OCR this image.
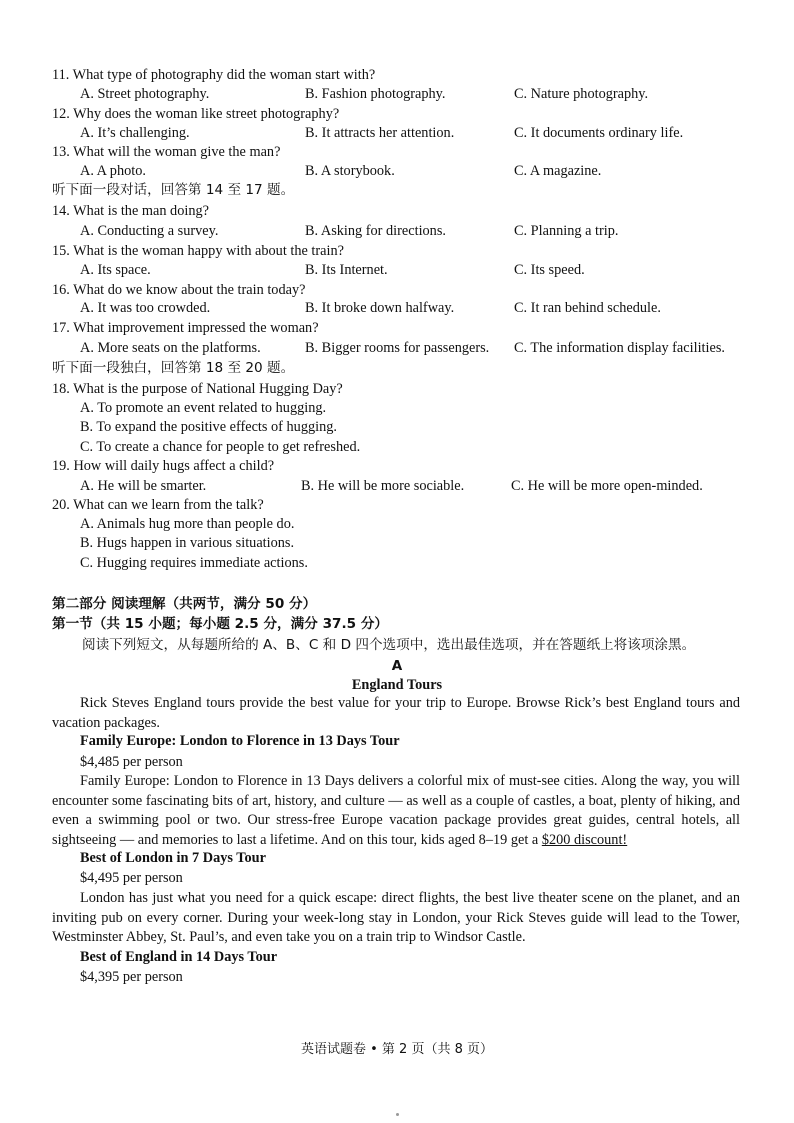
11. What type of photography did the woman start with?
A. Street photography.	B. Fashion photography.	C. Nature photography.
12. Why does the woman like street photography?
A. It’s challenging.	B. It attracts her attention.	C. It documents ordinary life.
13. What will the woman give the man?
A. A photo.	B. A storybook.	C. A magazine.
听下面一段对话，回答第 14 至 17 题。
14. What is the man doing?
A. Conducting a survey.	B. Asking for directions.	C. Planning a trip.
15. What is the woman happy with about the train?
A. Its space.	B. Its Internet.	C. Its speed.
16. What do we know about the train today?
A. It was too crowded.	B. It broke down halfway.	C. It ran behind schedule.
17. What improvement impressed the woman?
A. More seats on the platforms.	B. Bigger rooms for passengers. C. The information display facilities.
听下面一段独白，回答第 18 至 20 题。
18. What is the purpose of National Hugging Day?
A. To promote an event related to hugging.
B. To expand the positive effects of hugging.
C. To create a chance for people to get refreshed.
19. How will daily hugs affect a child?
A. He will be smarter.	B. He will be more sociable.	C. He will be more open-minded.
20. What can we learn from the talk?
A. Animals hug more than people do.
B. Hugs happen in various situations.
C. Hugging requires immediate actions.
第二部分 阅读理解（共两节，满分 50 分）
第一节（共 15 小题；每小题 2.5 分，满分 37.5 分）
阅读下列短文，从每题所给的 A、B、C 和 D 四个选项中，选出最佳选项，并在答题纸上将该项涂黑。
A
England Tours

Rick Steves England tours provide the best value for your trip to Europe. Browse Rick’s best England tours and vacation packages.

Family Europe: London to Florence in 13 Days Tour
$4,485 per person

Family Europe: London to Florence in 13 Days delivers a colorful mix of must-see cities. Along the way, you will encounter some fascinating bits of art, history, and culture — as well as a couple of castles, a boat, plenty of hiking, and even a swimming pool or two. Our stress-free Europe vacation package provides great guides, central hotels, all sightseeing — and memories to last a lifetime. And on this tour, kids aged 8–19 get a $200 discount!

Best of London in 7 Days Tour
$4,495 per person

London has just what you need for a quick escape: direct flights, the best live theater scene on the planet, and an inviting pub on every corner. During your week-long stay in London, your Rick Steves guide will lead to the Tower, Westminster Abbey, St. Paul’s, and even take you on a train trip to Windsor Castle.

Best of England in 14 Days Tour
$4,395 per person
英语试题卷 • 第 2 页（共 8 页）
